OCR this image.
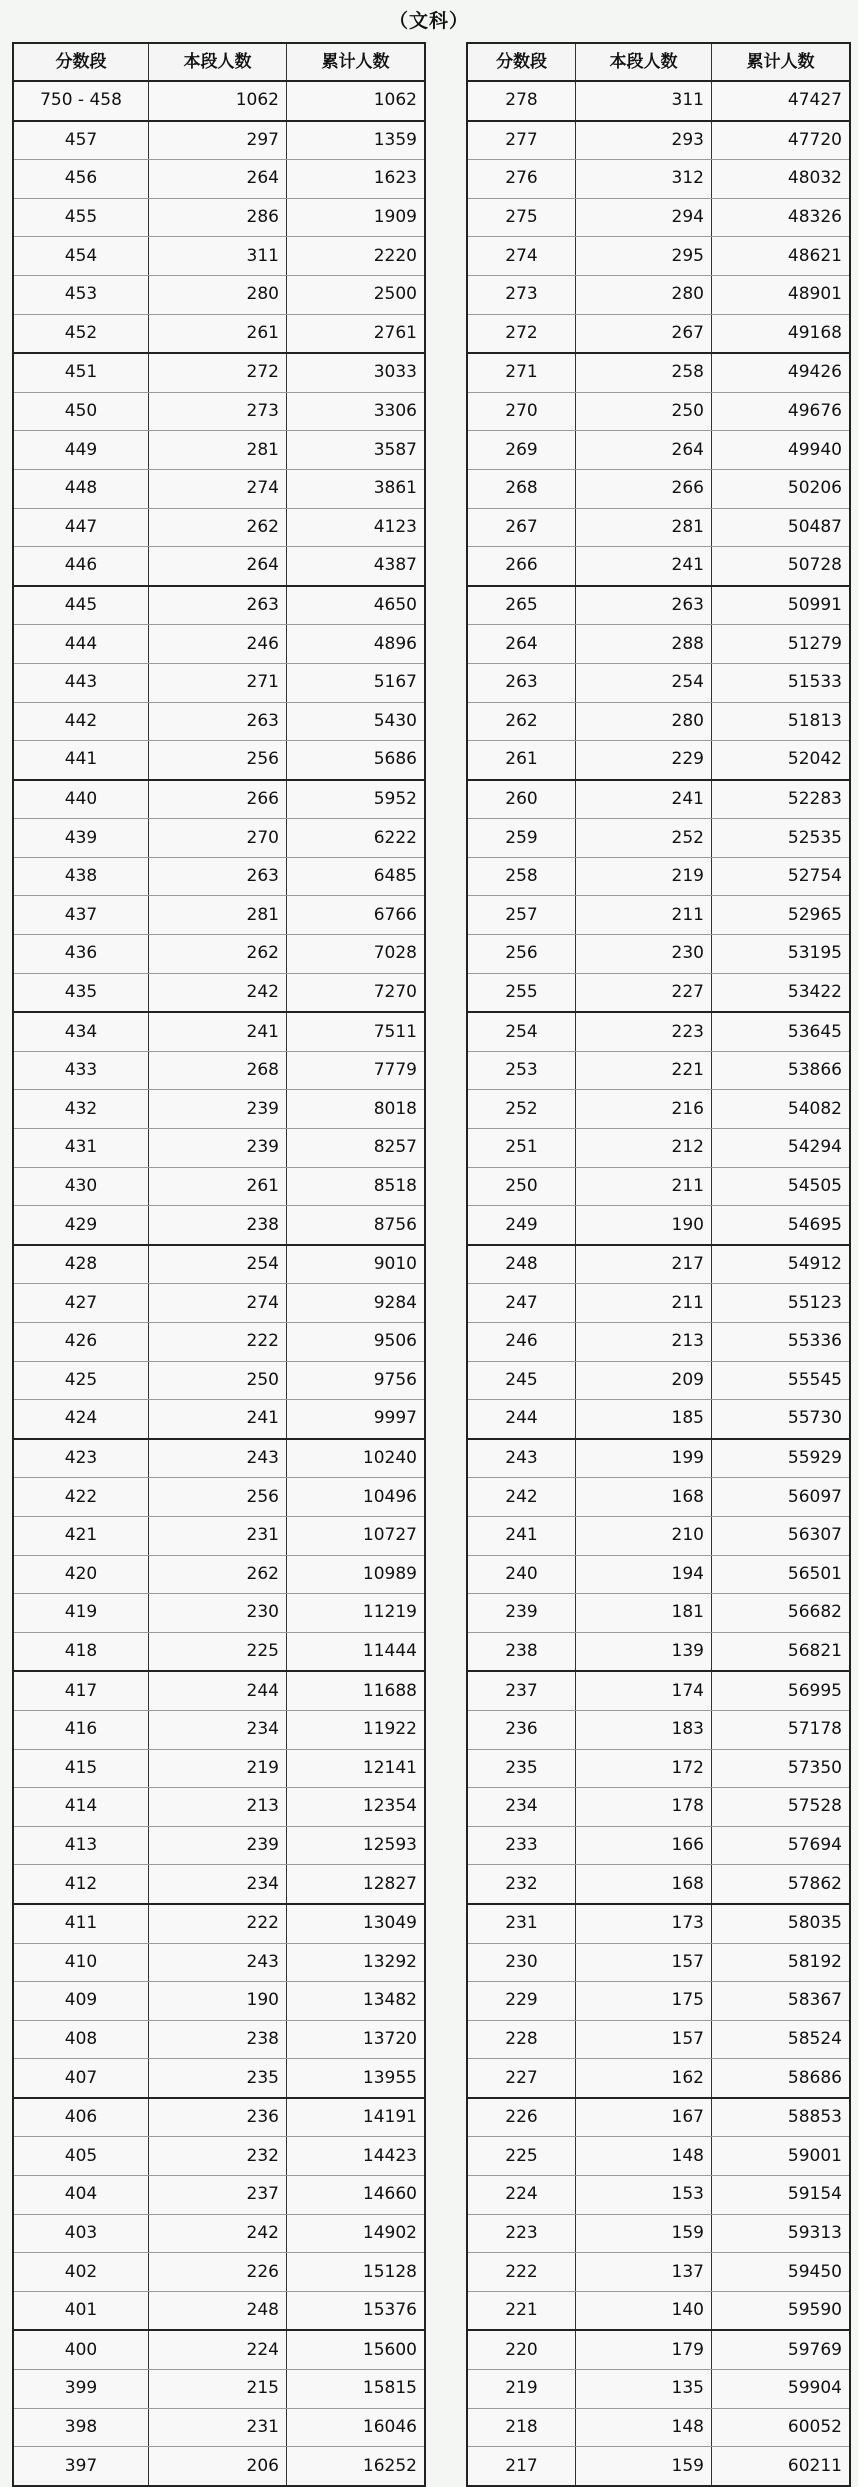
（文科）
分数段	本段人数	累计人数
750 - 458	1062	1062
457	297	1359
456	264	1623
455	286	1909
454	311	2220
453	280	2500
452	261	2761
451	272	3033
450	273	3306
449	281	3587
448	274	3861
447	262	4123
446	264	4387
445	263	4650
444	246	4896
443	271	5167
442	263	5430
441	256	5686
440	266	5952
439	270	6222
438	263	6485
437	281	6766
436	262	7028
435	242	7270
434	241	7511
433	268	7779
432	239	8018
431	239	8257
430	261	8518
429	238	8756
428	254	9010
427	274	9284
426	222	9506
425	250	9756
424	241	9997
423	243	10240
422	256	10496
421	231	10727
420	262	10989
419	230	11219
418	225	11444
417	244	11688
416	234	11922
415	219	12141
414	213	12354
413	239	12593
412	234	12827
411	222	13049
410	243	13292
409	190	13482
408	238	13720
407	235	13955
406	236	14191
405	232	14423
404	237	14660
403	242	14902
402	226	15128
401	248	15376
400	224	15600
399	215	15815
398	231	16046
397	206	16252
分数段	本段人数	累计人数
278	311	47427
277	293	47720
276	312	48032
275	294	48326
274	295	48621
273	280	48901
272	267	49168
271	258	49426
270	250	49676
269	264	49940
268	266	50206
267	281	50487
266	241	50728
265	263	50991
264	288	51279
263	254	51533
262	280	51813
261	229	52042
260	241	52283
259	252	52535
258	219	52754
257	211	52965
256	230	53195
255	227	53422
254	223	53645
253	221	53866
252	216	54082
251	212	54294
250	211	54505
249	190	54695
248	217	54912
247	211	55123
246	213	55336
245	209	55545
244	185	55730
243	199	55929
242	168	56097
241	210	56307
240	194	56501
239	181	56682
238	139	56821
237	174	56995
236	183	57178
235	172	57350
234	178	57528
233	166	57694
232	168	57862
231	173	58035
230	157	58192
229	175	58367
228	157	58524
227	162	58686
226	167	58853
225	148	59001
224	153	59154
223	159	59313
222	137	59450
221	140	59590
220	179	59769
219	135	59904
218	148	60052
217	159	60211
